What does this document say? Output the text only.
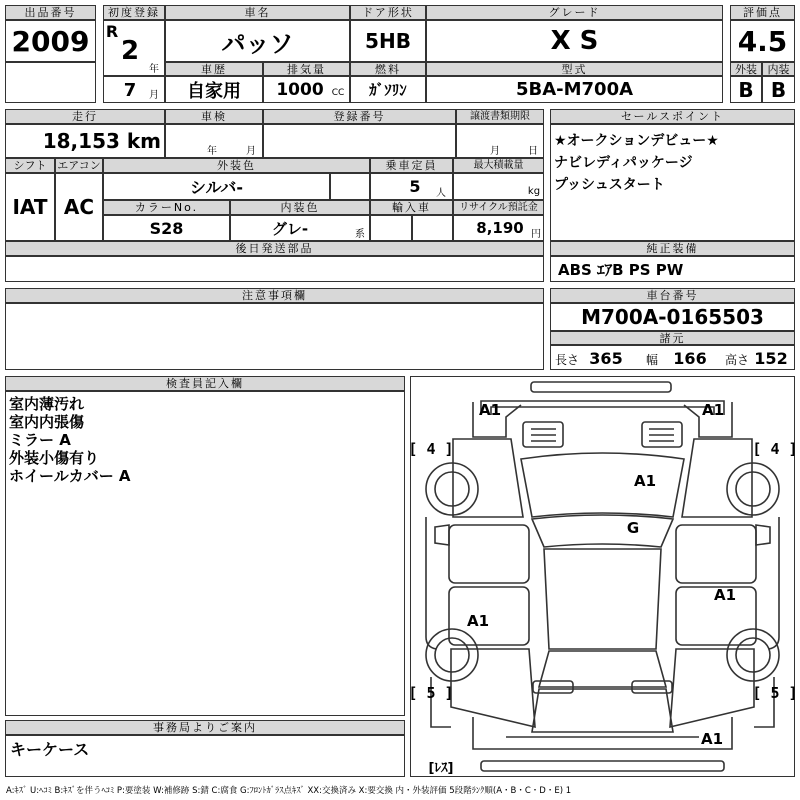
出品番号
2009
初度登録
R
2
年
7	月
車名
パッソ
ドア形状
5HB
グレード
X S
評価点
4.5
車歴
自家用
排気量
1000 CC
燃料
ｶﾞｿﾘﾝ
型式
5BA-M700A
外装
B
内装
B
走行
18,153 km
車検
年	月
登録番号	譲渡書類期限
月	日
シフト
IAT
エアコン
AC
外装色
シルバ-
乗車定員
5	人
最大積載量
kg
カラーNo.
S28
内装色
グレ-	系
輸入車	リサイクル預託金
8,190 円
後日発送部品
セールスポイント
★オークションデビュー★
ナビレディパッケージ
プッシュスタート
純正装備
ABS ｴｱB PS PW
注意事項欄	車台番号
M700A-0165503
諸元
長さ 365 幅 166 高さ 152
検査員記入欄
室内薄汚れ
室内内張傷
ミラー A
外装小傷有り
ホイールカバー A
事務局よりご案内
キーケース
A1	A1
A1
G
A1
A1
A1
[ 4 ]	[ 4 ]
[ 5 ]	[ 5 ]
[ﾚｽ]
A:ｷｽﾞ U:ﾍｺﾐ B:ｷｽﾞを伴うﾍｺﾐ P:要塗装 W:補修跡 S:錆 C:腐食 G:ﾌﾛﾝﾄｶﾞﾗｽ点ｷｽﾞ XX:交換済み X:要交換 内・外装評価 5段階ﾗﾝｸ順(A・B・C・D・E) 1
